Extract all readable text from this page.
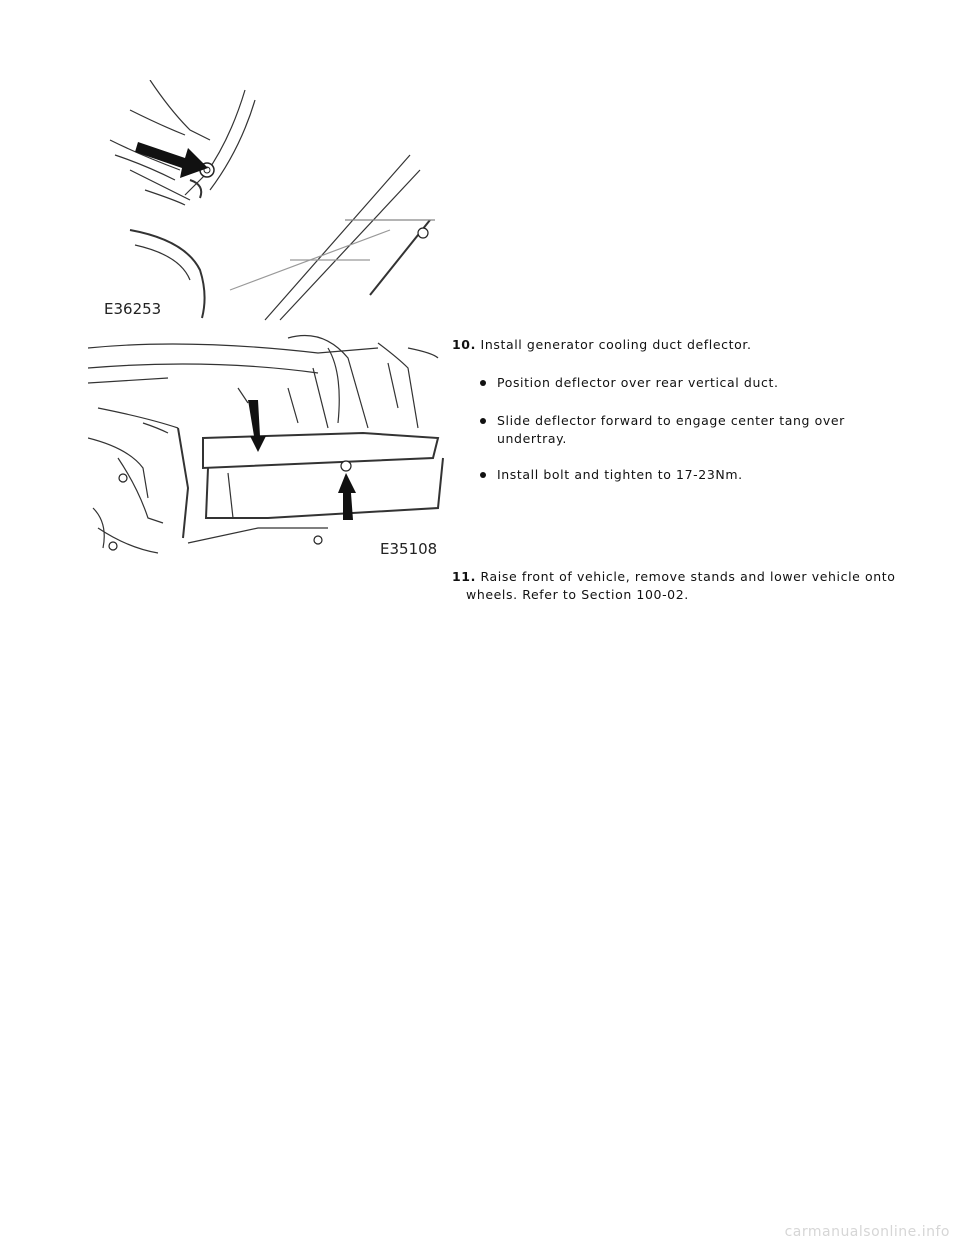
E36253
E35108
10. Install generator cooling duct deflector.
Position deflector over rear vertical duct.
Slide deflector forward to engage center tang over
undertray.
Install bolt and tighten to 17-23Nm.
11. Raise front of vehicle, remove stands and lower vehicle onto
wheels. Refer to Section 100-02.
carmanualsonline.info
